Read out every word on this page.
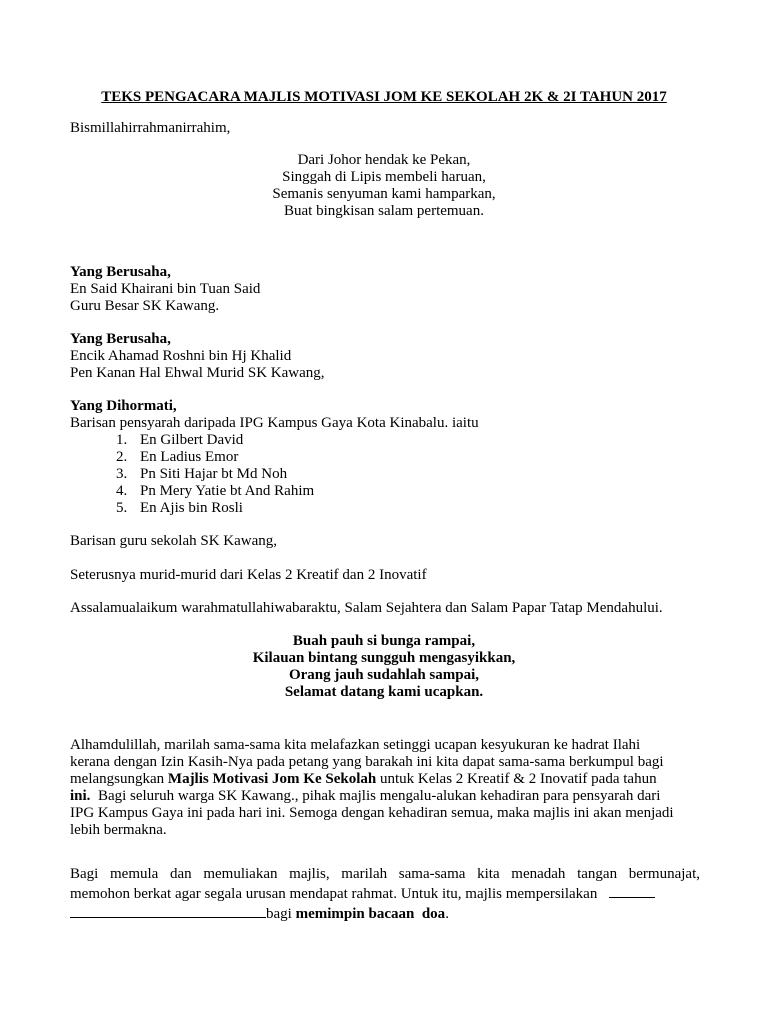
TEKS PENGACARA MAJLIS MOTIVASI JOM KE SEKOLAH 2K & 2I TAHUN 2017
Bismillahirrahmanirrahim,
Dari Johor hendak ke Pekan,
Singgah di Lipis membeli haruan,
Semanis senyuman kami hamparkan,
Buat bingkisan salam pertemuan.
Yang Berusaha,
En Said Khairani bin Tuan Said
Guru Besar SK Kawang.
Yang Berusaha,
Encik Ahamad Roshni bin Hj Khalid
Pen Kanan Hal Ehwal Murid SK Kawang,
Yang Dihormati,
Barisan pensyarah daripada IPG Kampus Gaya Kota Kinabalu. iaitu
1. En Gilbert David
2. En Ladius Emor
3. Pn Siti Hajar bt Md Noh
4. Pn Mery Yatie bt And Rahim
5. En Ajis bin Rosli
Barisan guru sekolah SK Kawang,
Seterusnya murid-murid dari Kelas 2 Kreatif dan 2 Inovatif
Assalamualaikum warahmatullahiwabaraktu, Salam Sejahtera dan Salam Papar Tatap Mendahului.
Buah pauh si bunga rampai,
Kilauan bintang sungguh mengasyikkan,
Orang jauh sudahlah sampai,
Selamat datang kami ucapkan.
Alhamdulillah, marilah sama-sama kita melafazkan setinggi ucapan kesyukuran ke hadrat Ilahi
kerana dengan Izin Kasih-Nya pada petang yang barakah ini kita dapat sama-sama berkumpul bagi
melangsungkan Majlis Motivasi Jom Ke Sekolah untuk Kelas 2 Kreatif & 2 Inovatif pada tahun
ini.  Bagi seluruh warga SK Kawang., pihak majlis mengalu-alukan kehadiran para pensyarah dari
IPG Kampus Gaya ini pada hari ini. Semoga dengan kehadiran semua, maka majlis ini akan menjadi
lebih bermakna.
Bagi memula dan memuliakan majlis, marilah sama-sama kita menadah tangan bermunajat,
memohon berkat agar segala urusan mendapat rahmat. Untuk itu, majlis mempersilakan
bagi memimpin bacaan  doa.
